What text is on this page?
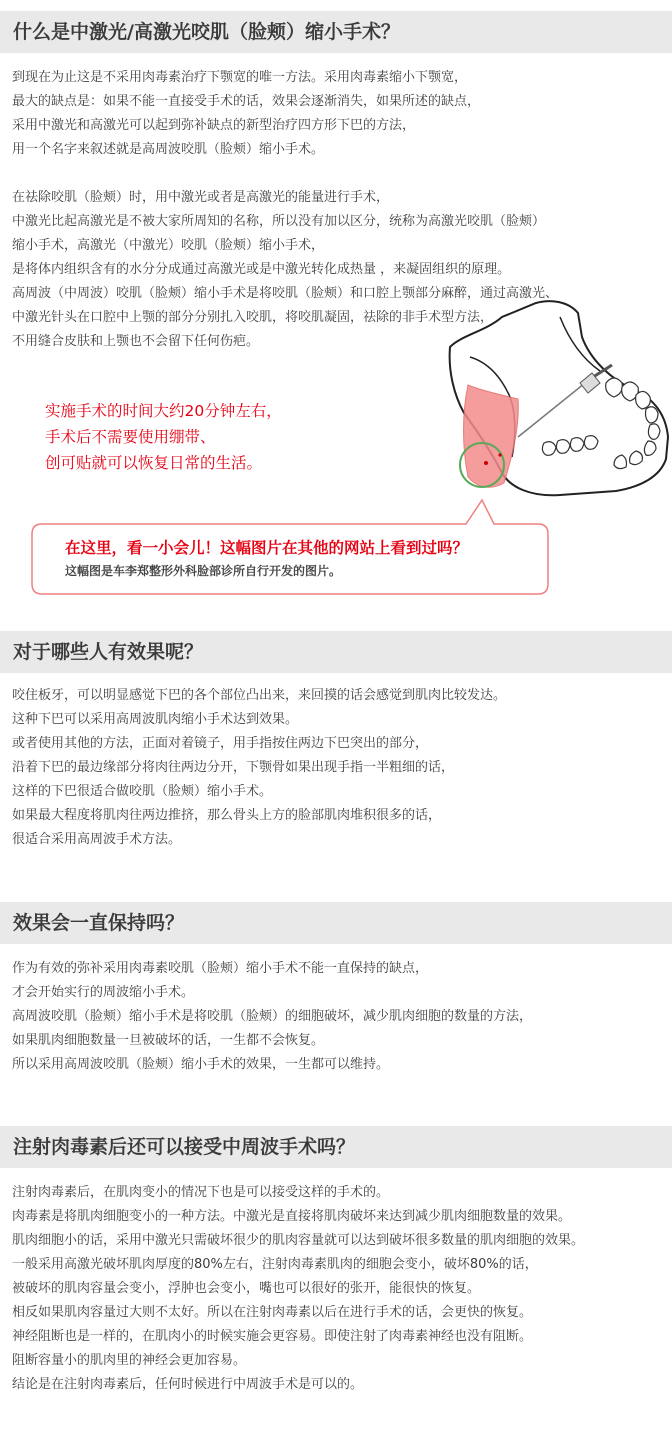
什么是中激光/高激光咬肌（脸颊）缩小手术？
到现在为止这是不采用肉毒素治疗下颚宽的唯一方法。采用肉毒素缩小下颚宽，
最大的缺点是：如果不能一直接受手术的话，效果会逐渐消失，如果所述的缺点，
采用中激光和高激光可以起到弥补缺点的新型治疗四方形下巴的方法，
用一个名字来叙述就是高周波咬肌（脸颊）缩小手术。
在祛除咬肌（脸颊）时，用中激光或者是高激光的能量进行手术，
中激光比起高激光是不被大家所周知的名称，所以没有加以区分，统称为高激光咬肌（脸颊）
缩小手术，高激光（中激光）咬肌（脸颊）缩小手术，
是将体内组织含有的水分分成通过高激光或是中激光转化成热量 ，来凝固组织的原理。
高周波（中周波）咬肌（脸颊）缩小手术是将咬肌（脸颊）和口腔上颚部分麻醉，通过高激光、
中激光针头在口腔中上颚的部分分别扎入咬肌，将咬肌凝固，祛除的非手术型方法，
不用缝合皮肤和上颚也不会留下任何伤疤。
实施手术的时间大约20分钟左右，
手术后不需要使用绷带、
创可贴就可以恢复日常的生活。
在这里，看一小会儿！这幅图片在其他的网站上看到过吗？
这幅图是车李郑整形外科脸部诊所自行开发的图片。
对于哪些人有效果呢？
咬住板牙，可以明显感觉下巴的各个部位凸出来，来回摸的话会感觉到肌肉比较发达。
这种下巴可以采用高周波肌肉缩小手术达到效果。
或者使用其他的方法，正面对着镜子，用手指按住两边下巴突出的部分，
沿着下巴的最边缘部分将肉往两边分开，下颚骨如果出现手指一半粗细的话，
这样的下巴很适合做咬肌（脸颊）缩小手术。
如果最大程度将肌肉往两边推挤，那么骨头上方的脸部肌肉堆积很多的话，
很适合采用高周波手术方法。
效果会一直保持吗？
作为有效的弥补采用肉毒素咬肌（脸颊）缩小手术不能一直保持的缺点，
才会开始实行的周波缩小手术。
高周波咬肌（脸颊）缩小手术是将咬肌（脸颊）的细胞破坏，减少肌肉细胞的数量的方法，
如果肌肉细胞数量一旦被破坏的话，一生都不会恢复。
所以采用高周波咬肌（脸颊）缩小手术的效果，一生都可以维持。
注射肉毒素后还可以接受中周波手术吗？
注射肉毒素后，在肌肉变小的情况下也是可以接受这样的手术的。
肉毒素是将肌肉细胞变小的一种方法。中激光是直接将肌肉破坏来达到减少肌肉细胞数量的效果。
肌肉细胞小的话，采用中激光只需破坏很少的肌肉容量就可以达到破坏很多数量的肌肉细胞的效果。
一般采用高激光破坏肌肉厚度的80%左右，注射肉毒素肌肉的细胞会变小，破坏80%的话，
被破坏的肌肉容量会变小，浮肿也会变小，嘴也可以很好的张开，能很快的恢复。
相反如果肌肉容量过大则不太好。所以在注射肉毒素以后在进行手术的话，会更快的恢复。
神经阻断也是一样的，在肌肉小的时候实施会更容易。即使注射了肉毒素神经也没有阻断。
阻断容量小的肌肉里的神经会更加容易。
结论是在注射肉毒素后，任何时候进行中周波手术是可以的。
